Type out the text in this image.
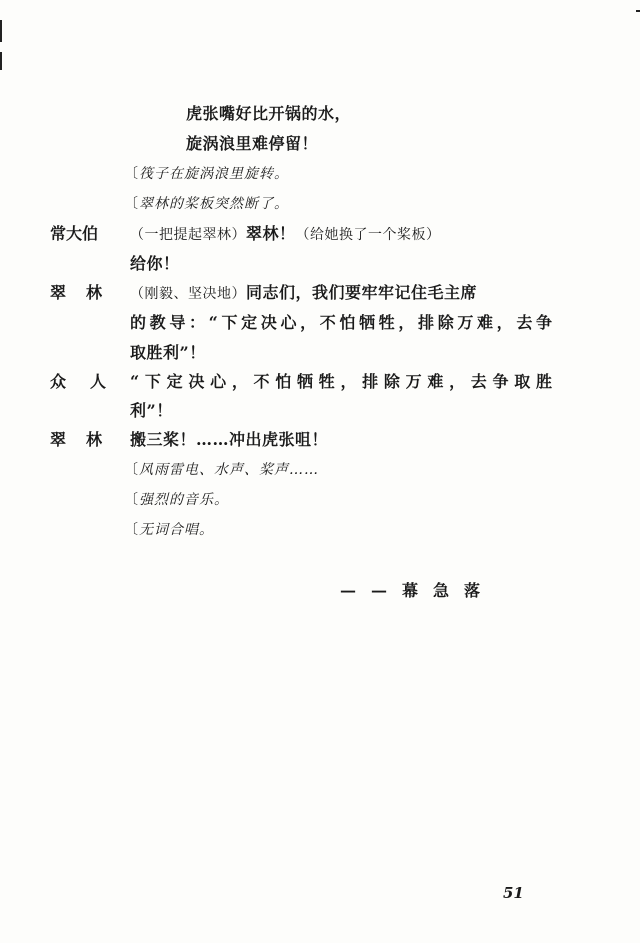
虎张嘴好比开锅的水，
旋涡浪里难停留！
〔筏子在旋涡浪里旋转。
〔翠林的桨板突然断了。
常大伯 （一把提起翠林）翠林！（给她换了一个桨板）
给你！
翠林 （刚毅、坚决地）同志们，我们要牢牢记住毛主席
的教导：“下定决心，不怕牺牲，排除万难，去争
取胜利”！
众人 “下定决心，不怕牺牲，排除万难，去争取胜
利”！
翠林 搬三桨！……冲出虎张咀！
〔风雨雷电、水声、桨声……
〔强烈的音乐。
〔无词合唱。
——幕急落
51
